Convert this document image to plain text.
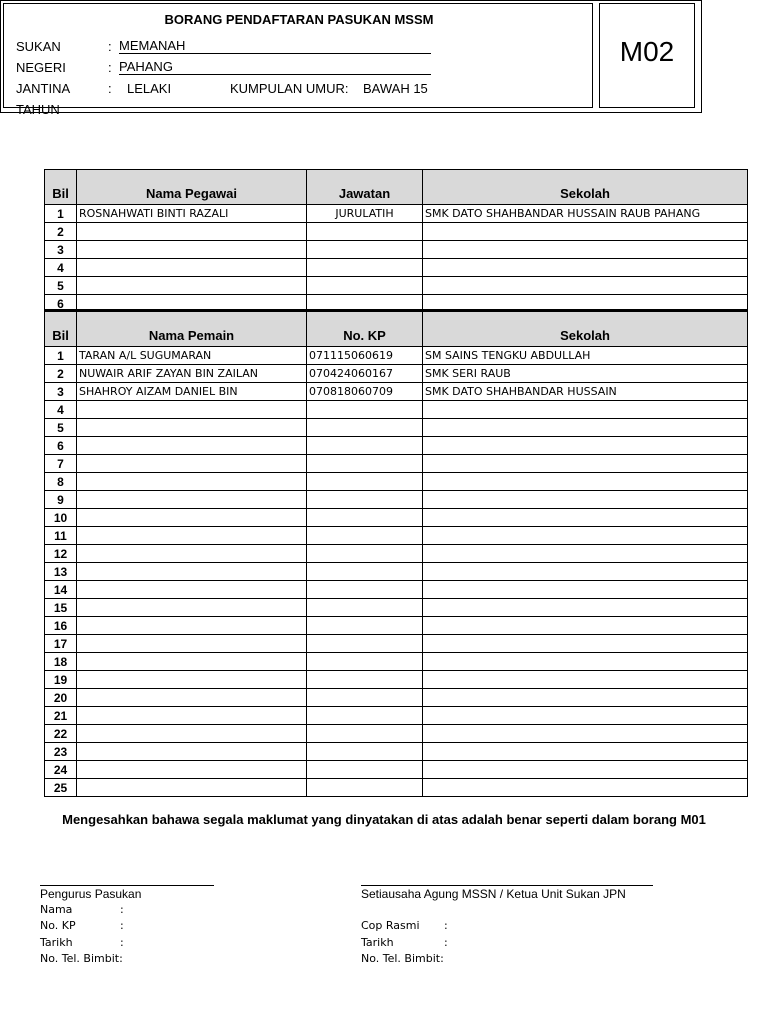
BORANG PENDAFTARAN PASUKAN MSSM
SUKAN	: MEMANAH
NEGERI	: PAHANG
JANTINA	: LELAKI	KUMPULAN UMUR: BAWAH 15
TAHUN
M02
Bil	Nama Pegawai	Jawatan	Sekolah
1	ROSNAHWATI BINTI RAZALI	JURULATIH	SMK DATO SHAHBANDAR HUSSAIN RAUB PAHANG
2			
3			
4			
5			
6			
Bil	Nama Pemain	No. KP	Sekolah
1	TARAN A/L SUGUMARAN	071115060619	SM SAINS TENGKU ABDULLAH
2	NUWAIR ARIF ZAYAN BIN ZAILAN	070424060167	SMK SERI RAUB
3	SHAHROY AIZAM DANIEL BIN	070818060709	SMK DATO SHAHBANDAR HUSSAIN
4			
5			
6			
7			
8			
9			
10			
11			
12			
13			
14			
15			
16			
17			
18			
19			
20			
21			
22			
23			
24			
25			
Mengesahkan bahawa segala maklumat yang dinyatakan di atas adalah benar seperti dalam borang M01
Pengurus Pasukan
Nama	:
No. KP	:
Tarikh	:
No. Tel. Bimbit:
Setiausaha Agung MSSN / Ketua Unit Sukan JPN
Cop Rasmi :
Tarikh	:
No. Tel. Bimbit:
